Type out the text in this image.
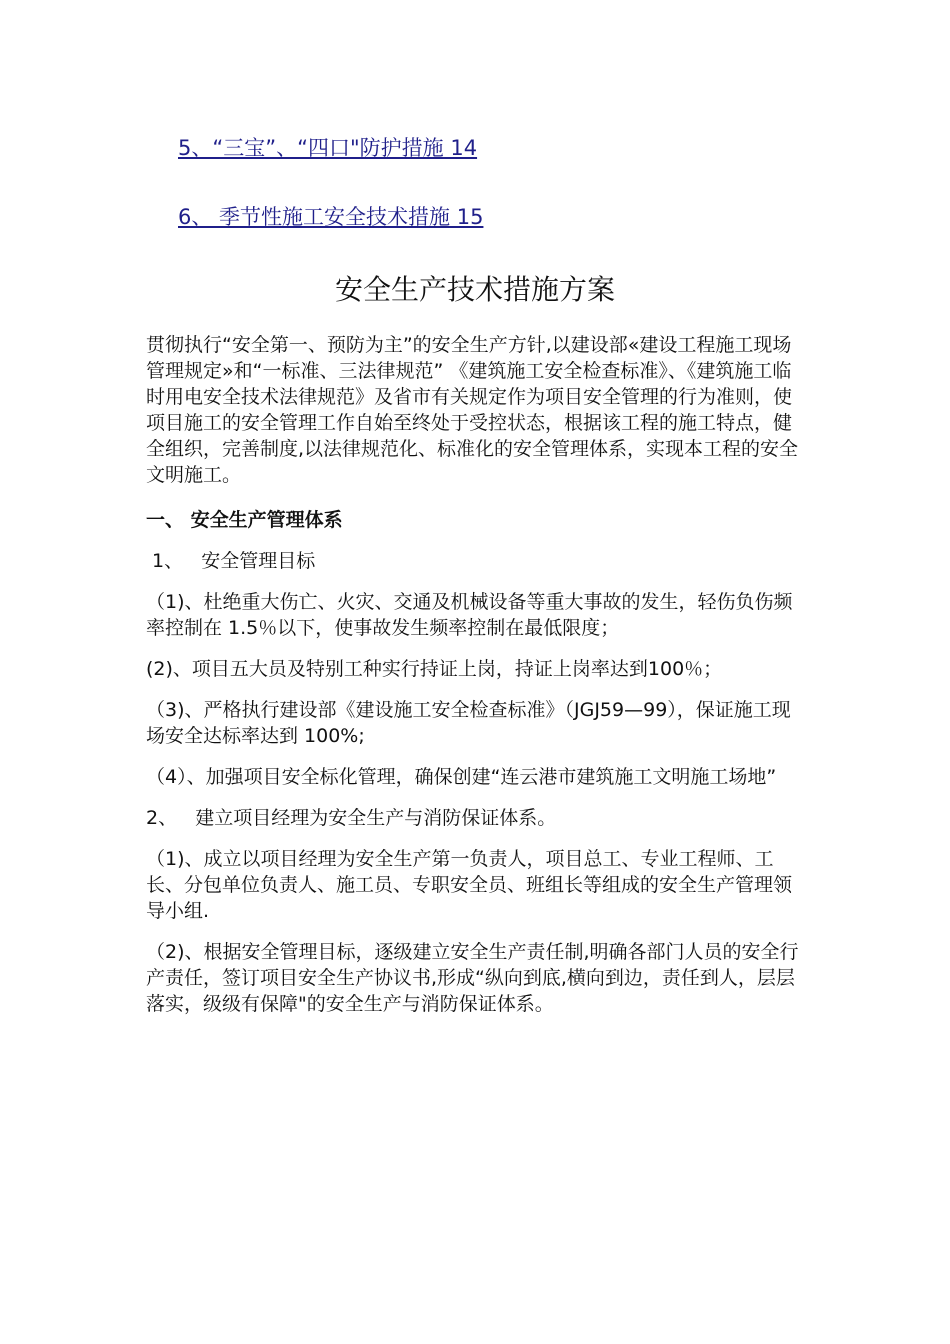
5、“三宝”、“四口"防护措施 14
6、 季节性施工安全技术措施 15
安全生产技术措施方案

贯彻执行“安全第一、预防为主”的安全生产方针,以建设部«建设工程施工现场管理规定»和“一标准、三法律规范” 《建筑施工安全检查标准》、《建筑施工临时用电安全技术法律规范》及省市有关规定作为项目安全管理的行为准则，使项目施工的安全管理工作自始至终处于受控状态，根据该工程的施工特点，健全组织，完善制度,以法律规范化、标准化的安全管理体系，实现本工程的安全文明施工。

一、 安全生产管理体系
1、   安全管理目标

（1)、杜绝重大伤亡、火灾、交通及机械设备等重大事故的发生，轻伤负伤频率控制在 1.5％以下，使事故发生频率控制在最低限度；

(2)、项目五大员及特别工种实行持证上岗，持证上岗率达到100％；

（3)、严格执行建设部《建设施工安全检查标准》（JGJ59—99），保证施工现场安全达标率达到 100%;

（4）、加强项目安全标化管理，确保创建“连云港市建筑施工文明施工场地”

2、   建立项目经理为安全生产与消防保证体系。

（1)、成立以项目经理为安全生产第一负责人，项目总工、专业工程师、工长、分包单位负责人、施工员、专职安全员、班组长等组成的安全生产管理领导小组.

（2)、根据安全管理目标，逐级建立安全生产责任制,明确各部门人员的安全行产责任，签订项目安全生产协议书,形成“纵向到底,横向到边，责任到人，层层落实，级级有保障"的安全生产与消防保证体系。
